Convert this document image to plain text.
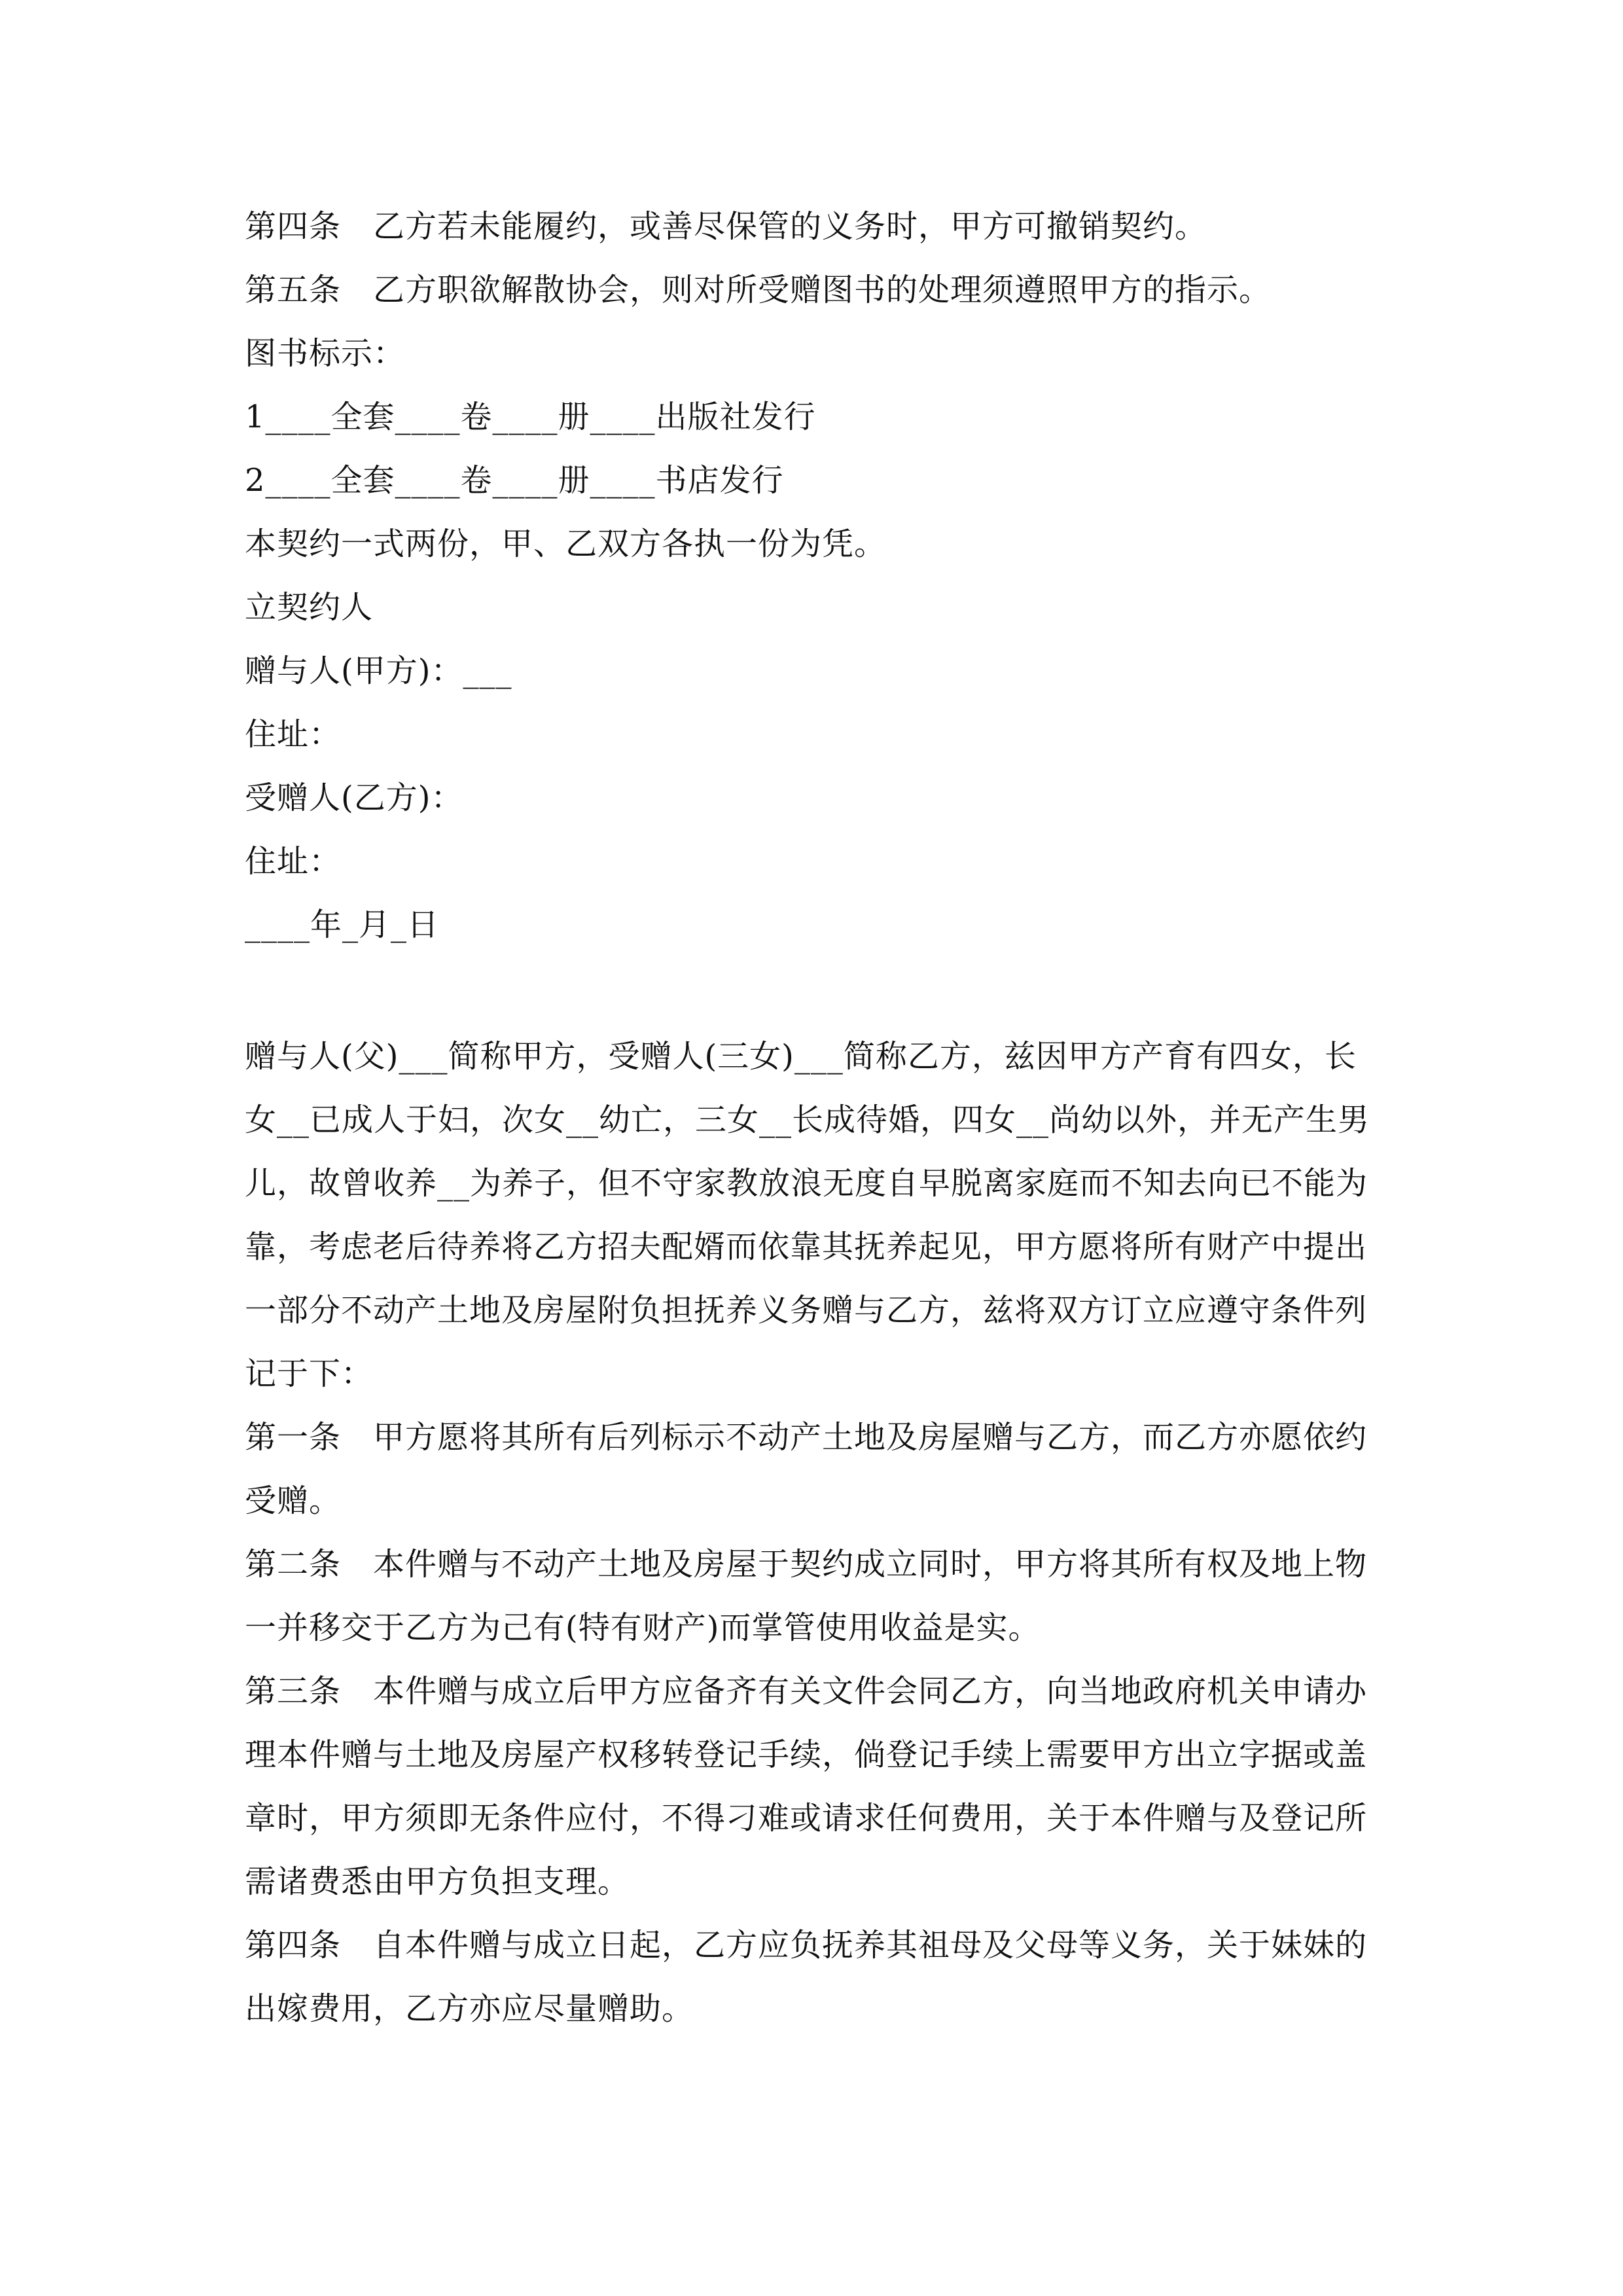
第四条　乙方若未能履约，或善尽保管的义务时，甲方可撤销契约。
第五条　乙方职欲解散协会，则对所受赠图书的处理须遵照甲方的指示。
图书标示：
1____全套____卷____册____出版社发行
2____全套____卷____册____书店发行
本契约一式两份，甲、乙双方各执一份为凭。
立契约人
赠与人(甲方)：___
住址：
受赠人(乙方)：
住址：
____年_月_日
赠与人(父)___简称甲方，受赠人(三女)___简称乙方，兹因甲方产育有四女，长
女__已成人于妇，次女__幼亡，三女__长成待婚，四女__尚幼以外，并无产生男
儿，故曾收养__为养子，但不守家教放浪无度自早脱离家庭而不知去向已不能为
靠，考虑老后待养将乙方招夫配婿而依靠其抚养起见，甲方愿将所有财产中提出
一部分不动产土地及房屋附负担抚养义务赠与乙方，兹将双方订立应遵守条件列
记于下：
第一条　甲方愿将其所有后列标示不动产土地及房屋赠与乙方，而乙方亦愿依约
受赠。
第二条　本件赠与不动产土地及房屋于契约成立同时，甲方将其所有权及地上物
一并移交于乙方为己有(特有财产)而掌管使用收益是实。
第三条　本件赠与成立后甲方应备齐有关文件会同乙方，向当地政府机关申请办
理本件赠与土地及房屋产权移转登记手续，倘登记手续上需要甲方出立字据或盖
章时，甲方须即无条件应付，不得刁难或请求任何费用，关于本件赠与及登记所
需诸费悉由甲方负担支理。
第四条　自本件赠与成立日起，乙方应负抚养其祖母及父母等义务，关于妹妹的
出嫁费用，乙方亦应尽量赠助。
